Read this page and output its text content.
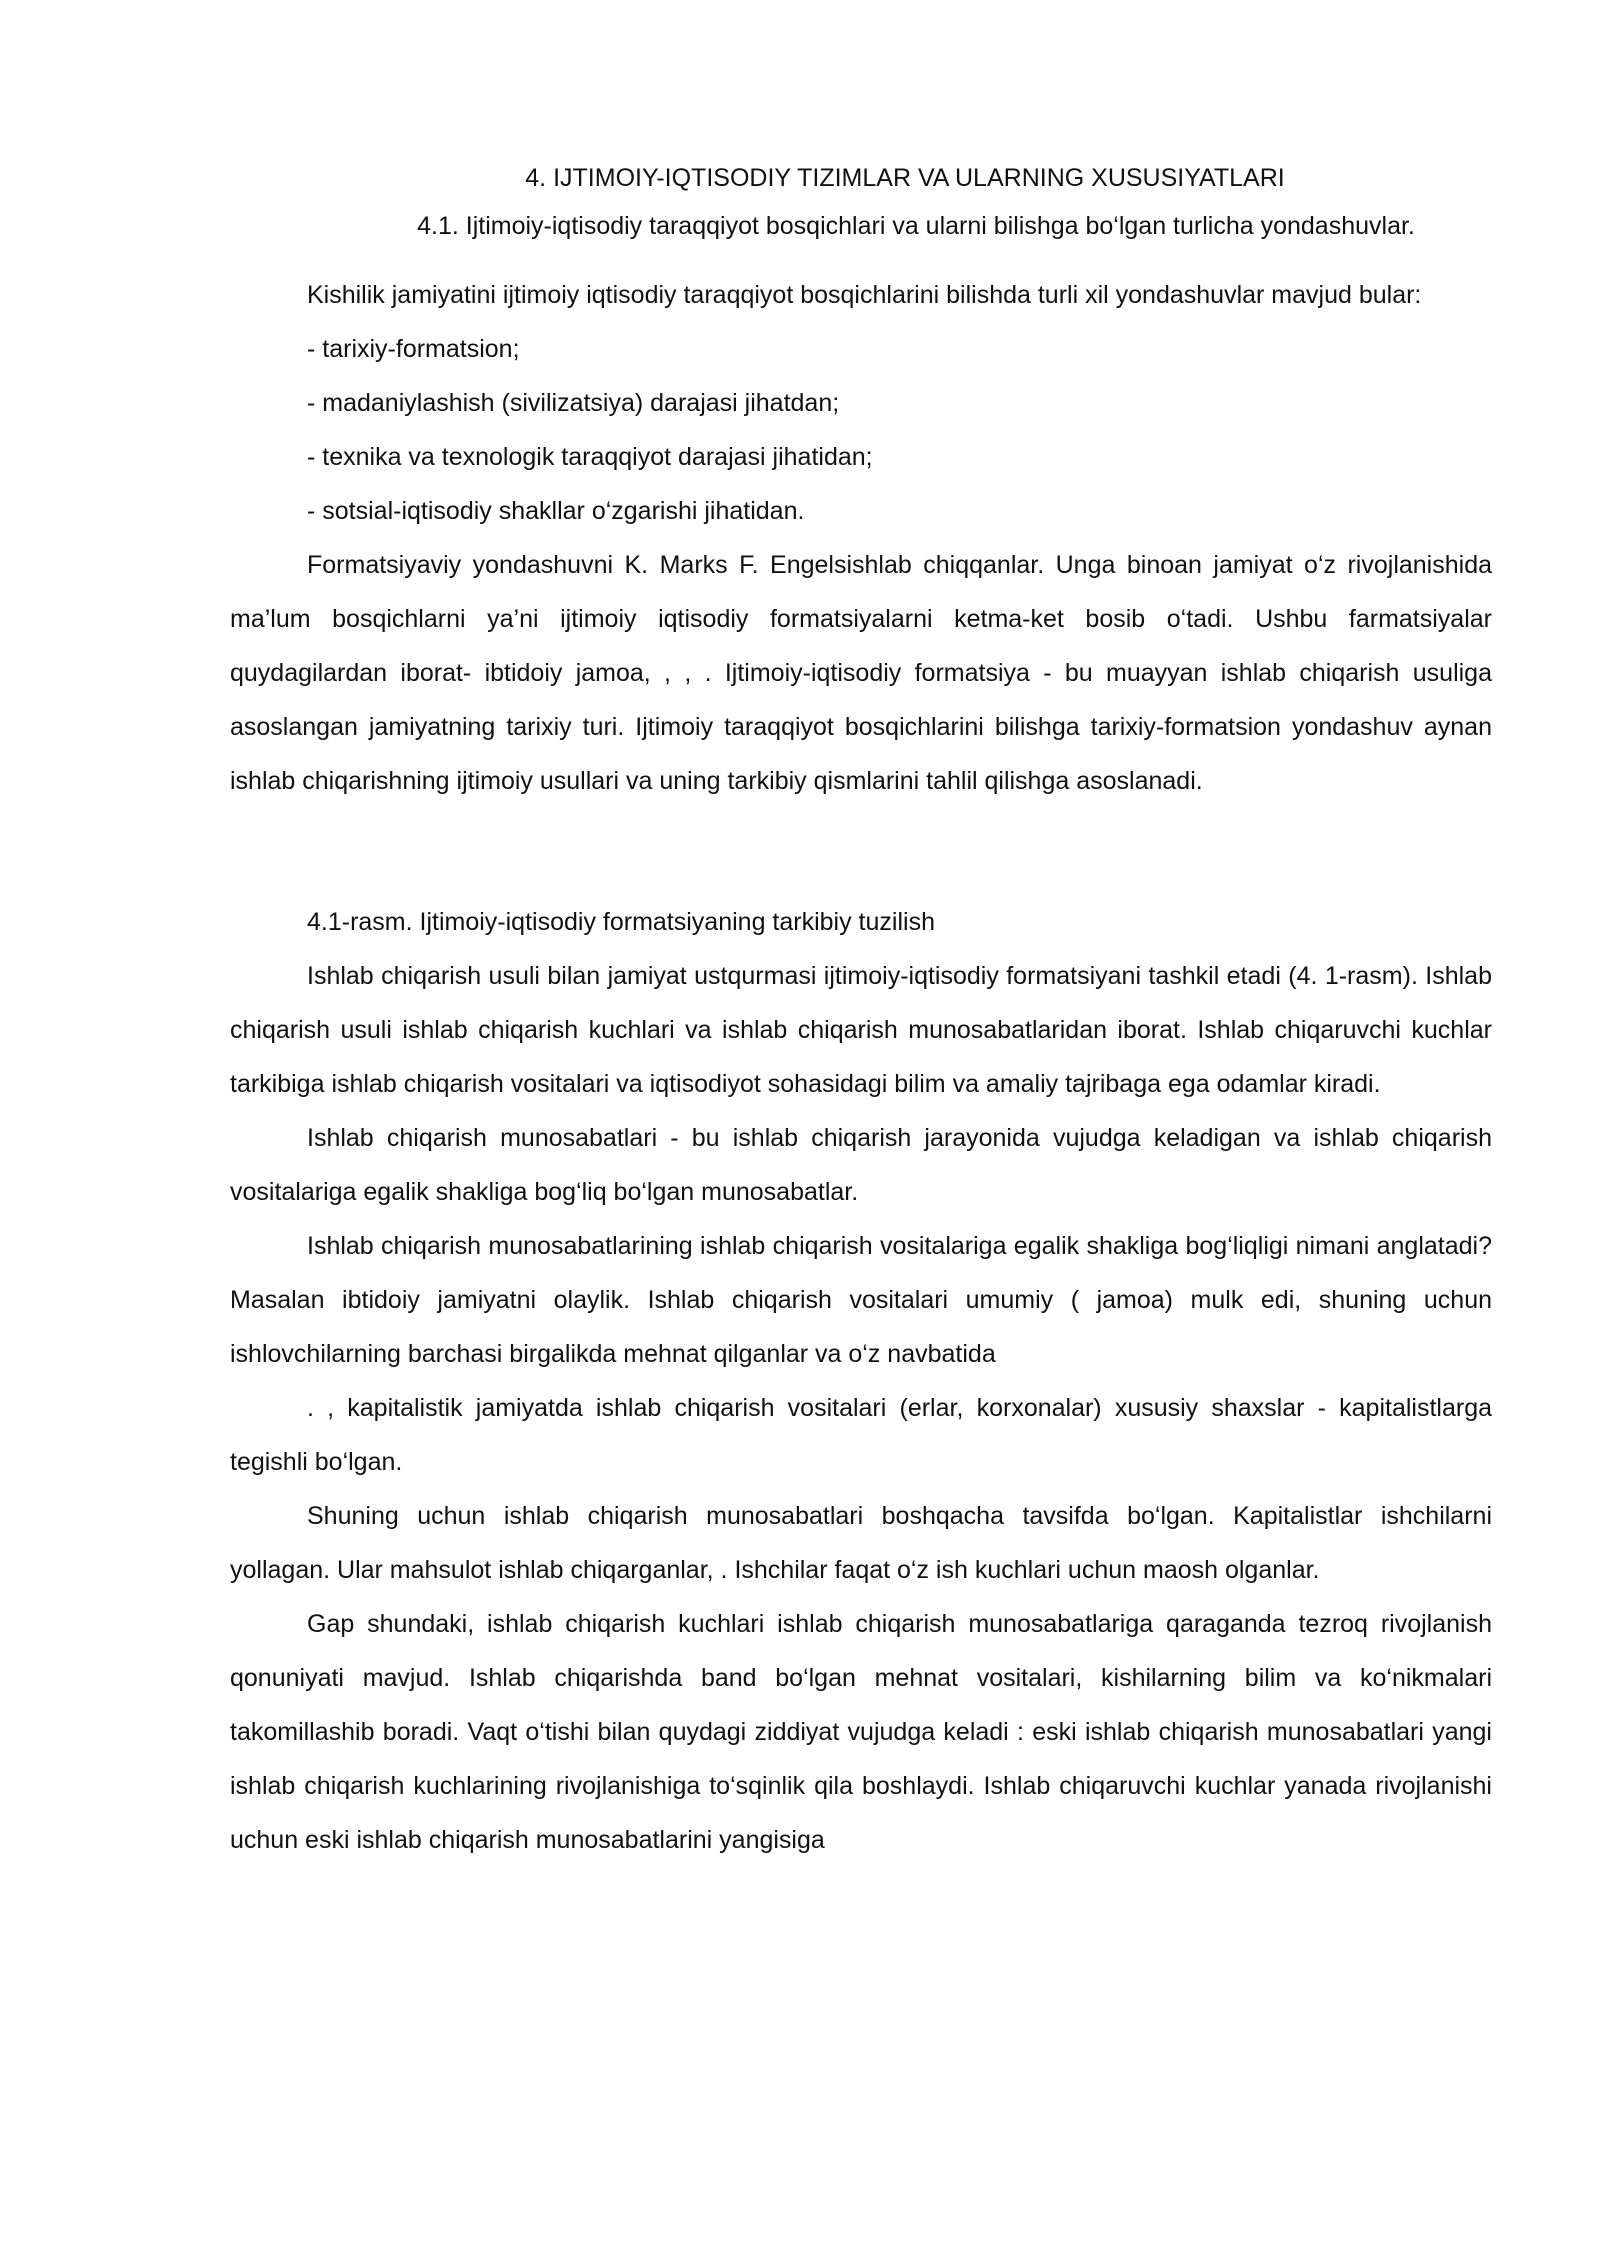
4. IJTIMOIY-IQTISODIY TIZIMLAR VA ULARNING XUSUSIYATLARI
4.1. Ijtimoiy-iqtisodiy taraqqiyot bosqichlari va ularni bilishga bo‘lgan turlicha yondashuvlar.

Kishilik jamiyatini ijtimoiy iqtisodiy taraqqiyot bosqichlarini bilishda turli xil yondashuvlar mavjud bular:

- tarixiy-formatsion;

- madaniylashish (sivilizatsiya) darajasi jihatdan;

- texnika va texnologik taraqqiyot darajasi jihatidan;

- sotsial-iqtisodiy shakllar o‘zgarishi jihatidan.

Formatsiyaviy yondashuvni K. Marks F. Engelsishlab chiqqanlar. Unga binoan jamiyat o‘z rivojlanishida ma’lum bosqichlarni ya’ni ijtimoiy iqtisodiy formatsiyalarni ketma-ket bosib o‘tadi. Ushbu farmatsiyalar quydagilardan iborat- ibtidoiy jamoa, , , . Ijtimoiy-iqtisodiy formatsiya - bu muayyan ishlab chiqarish usuliga asoslangan jamiyatning tarixiy turi. Ijtimoiy taraqqiyot bosqichlarini bilishga tarixiy-formatsion yondashuv aynan ishlab chiqarishning ijtimoiy usullari va uning tarkibiy qismlarini tahlil qilishga asoslanadi.

4.1-rasm. Ijtimoiy-iqtisodiy formatsiyaning tarkibiy tuzilish

Ishlab chiqarish usuli bilan jamiyat ustqurmasi ijtimoiy-iqtisodiy formatsiyani tashkil etadi (4. 1-rasm). Ishlab chiqarish usuli ishlab chiqarish kuchlari va ishlab chiqarish munosabatlaridan iborat. Ishlab chiqaruvchi kuchlar tarkibiga ishlab chiqarish vositalari va iqtisodiyot sohasidagi bilim va amaliy tajribaga ega odamlar kiradi.

Ishlab chiqarish munosabatlari - bu ishlab chiqarish jarayonida vujudga keladigan va ishlab chiqarish vositalariga egalik shakliga bog‘liq bo‘lgan munosabatlar.

Ishlab chiqarish munosabatlarining ishlab chiqarish vositalariga egalik shakliga bog‘liqligi nimani anglatadi? Masalan ibtidoiy jamiyatni olaylik. Ishlab chiqarish vositalari umumiy ( jamoa) mulk edi, shuning uchun ishlovchilarning barchasi birgalikda mehnat qilganlar va o‘z navbatida

. , kapitalistik jamiyatda ishlab chiqarish vositalari (erlar, korxonalar) xususiy shaxslar - kapitalistlarga tegishli bo‘lgan.

Shuning uchun ishlab chiqarish munosabatlari boshqacha tavsifda bo‘lgan. Kapitalistlar ishchilarni yollagan. Ular mahsulot ishlab chiqarganlar, . Ishchilar faqat o‘z ish kuchlari uchun maosh olganlar.

Gap shundaki, ishlab chiqarish kuchlari ishlab chiqarish munosabatlariga qaraganda tezroq rivojlanish qonuniyati mavjud. Ishlab chiqarishda band bo‘lgan mehnat vositalari, kishilarning bilim va ko‘nikmalari takomillashib boradi. Vaqt o‘tishi bilan quydagi ziddiyat vujudga keladi : eski ishlab chiqarish munosabatlari yangi ishlab chiqarish kuchlarining rivojlanishiga to‘sqinlik qila boshlaydi. Ishlab chiqaruvchi kuchlar yanada rivojlanishi uchun eski ishlab chiqarish munosabatlarini yangisiga
